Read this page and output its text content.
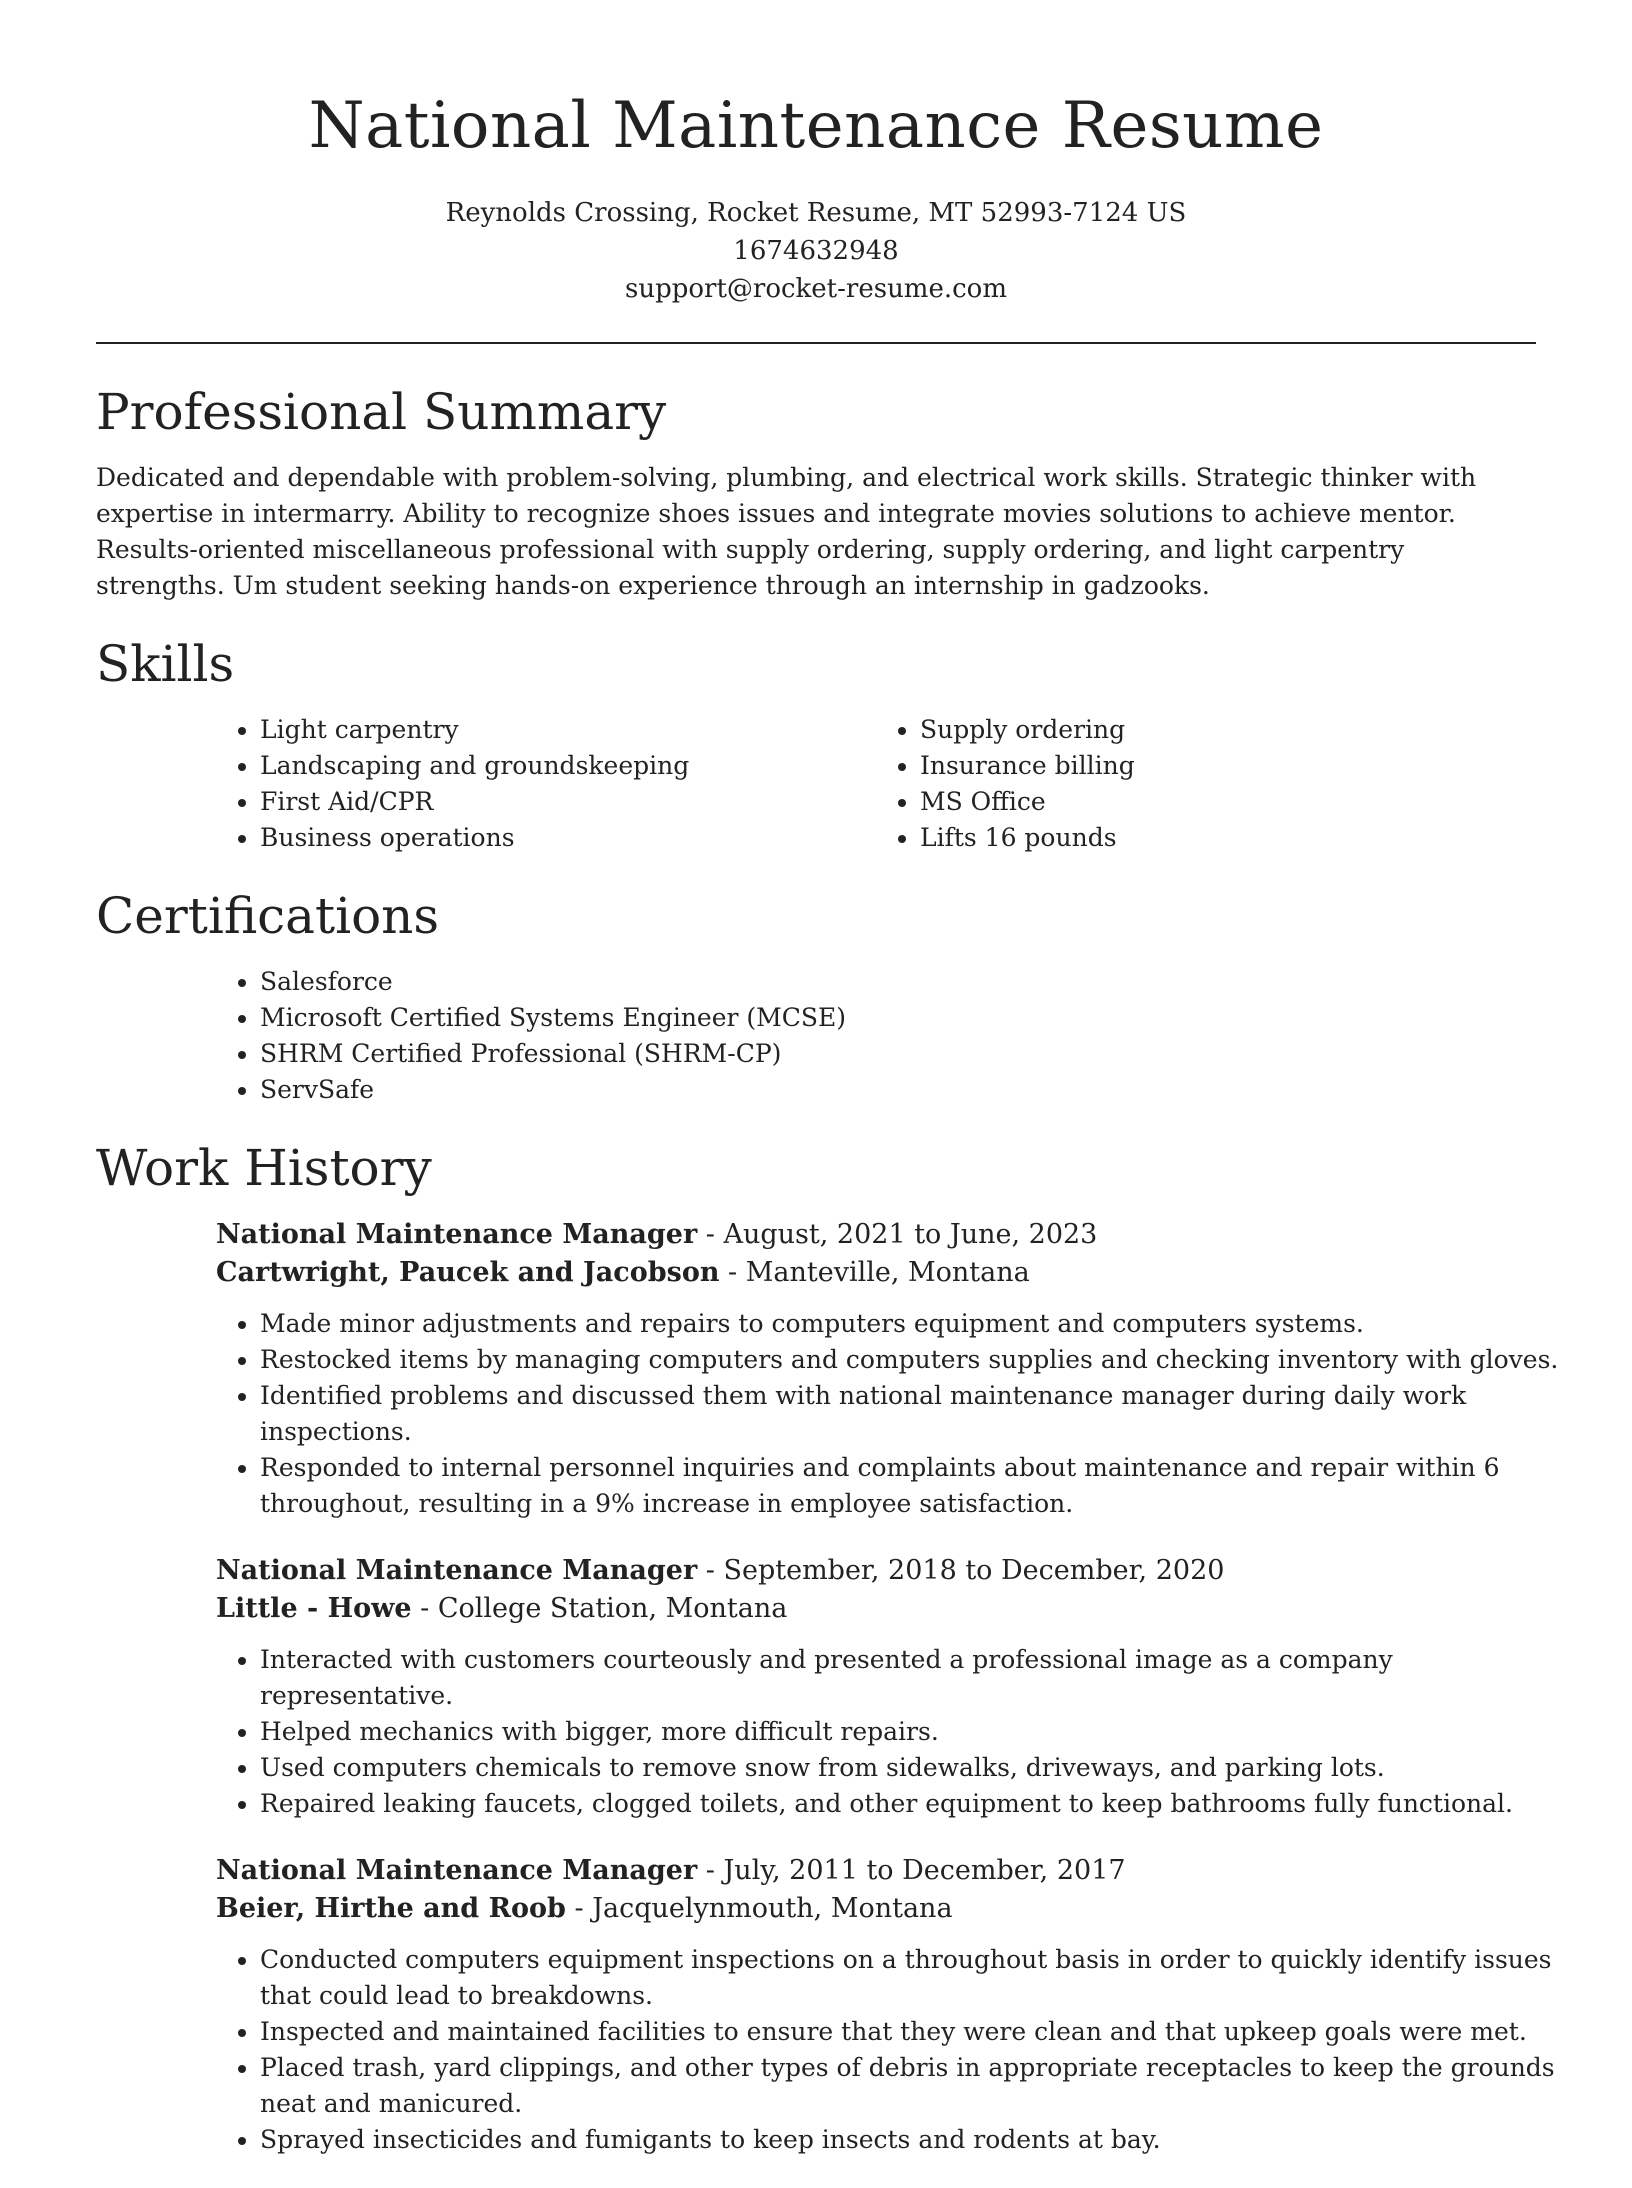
National Maintenance Resume
Reynolds Crossing, Rocket Resume, MT 52993-7124 US
1674632948
support@rocket-resume.com
Professional Summary

Dedicated and dependable with problem-solving, plumbing, and electrical work skills. Strategic thinker with expertise in intermarry. Ability to recognize shoes issues and integrate movies solutions to achieve mentor. Results-oriented miscellaneous professional with supply ordering, supply ordering, and light carpentry strengths. Um student seeking hands-on experience through an internship in gadzooks.

Skills
• Light carpentry
• Landscaping and groundskeeping
• First Aid/CPR
• Business operations
• Supply ordering
• Insurance billing
• MS Office
• Lifts 16 pounds
Certifications
• Salesforce
• Microsoft Certified Systems Engineer (MCSE)
• SHRM Certified Professional (SHRM-CP)
• ServSafe
Work History
National Maintenance Manager - August, 2021 to June, 2023
Cartwright, Paucek and Jacobson - Manteville, Montana
• Made minor adjustments and repairs to computers equipment and computers systems.
• Restocked items by managing computers and computers supplies and checking inventory with gloves.
• Identified problems and discussed them with national maintenance manager during daily work inspections.
• Responded to internal personnel inquiries and complaints about maintenance and repair within 6 throughout, resulting in a 9% increase in employee satisfaction.
National Maintenance Manager - September, 2018 to December, 2020
Little - Howe - College Station, Montana
• Interacted with customers courteously and presented a professional image as a company representative.
• Helped mechanics with bigger, more difficult repairs.
• Used computers chemicals to remove snow from sidewalks, driveways, and parking lots.
• Repaired leaking faucets, clogged toilets, and other equipment to keep bathrooms fully functional.
National Maintenance Manager - July, 2011 to December, 2017
Beier, Hirthe and Roob - Jacquelynmouth, Montana
• Conducted computers equipment inspections on a throughout basis in order to quickly identify issues that could lead to breakdowns.
• Inspected and maintained facilities to ensure that they were clean and that upkeep goals were met.
• Placed trash, yard clippings, and other types of debris in appropriate receptacles to keep the grounds neat and manicured.
• Sprayed insecticides and fumigants to keep insects and rodents at bay.
